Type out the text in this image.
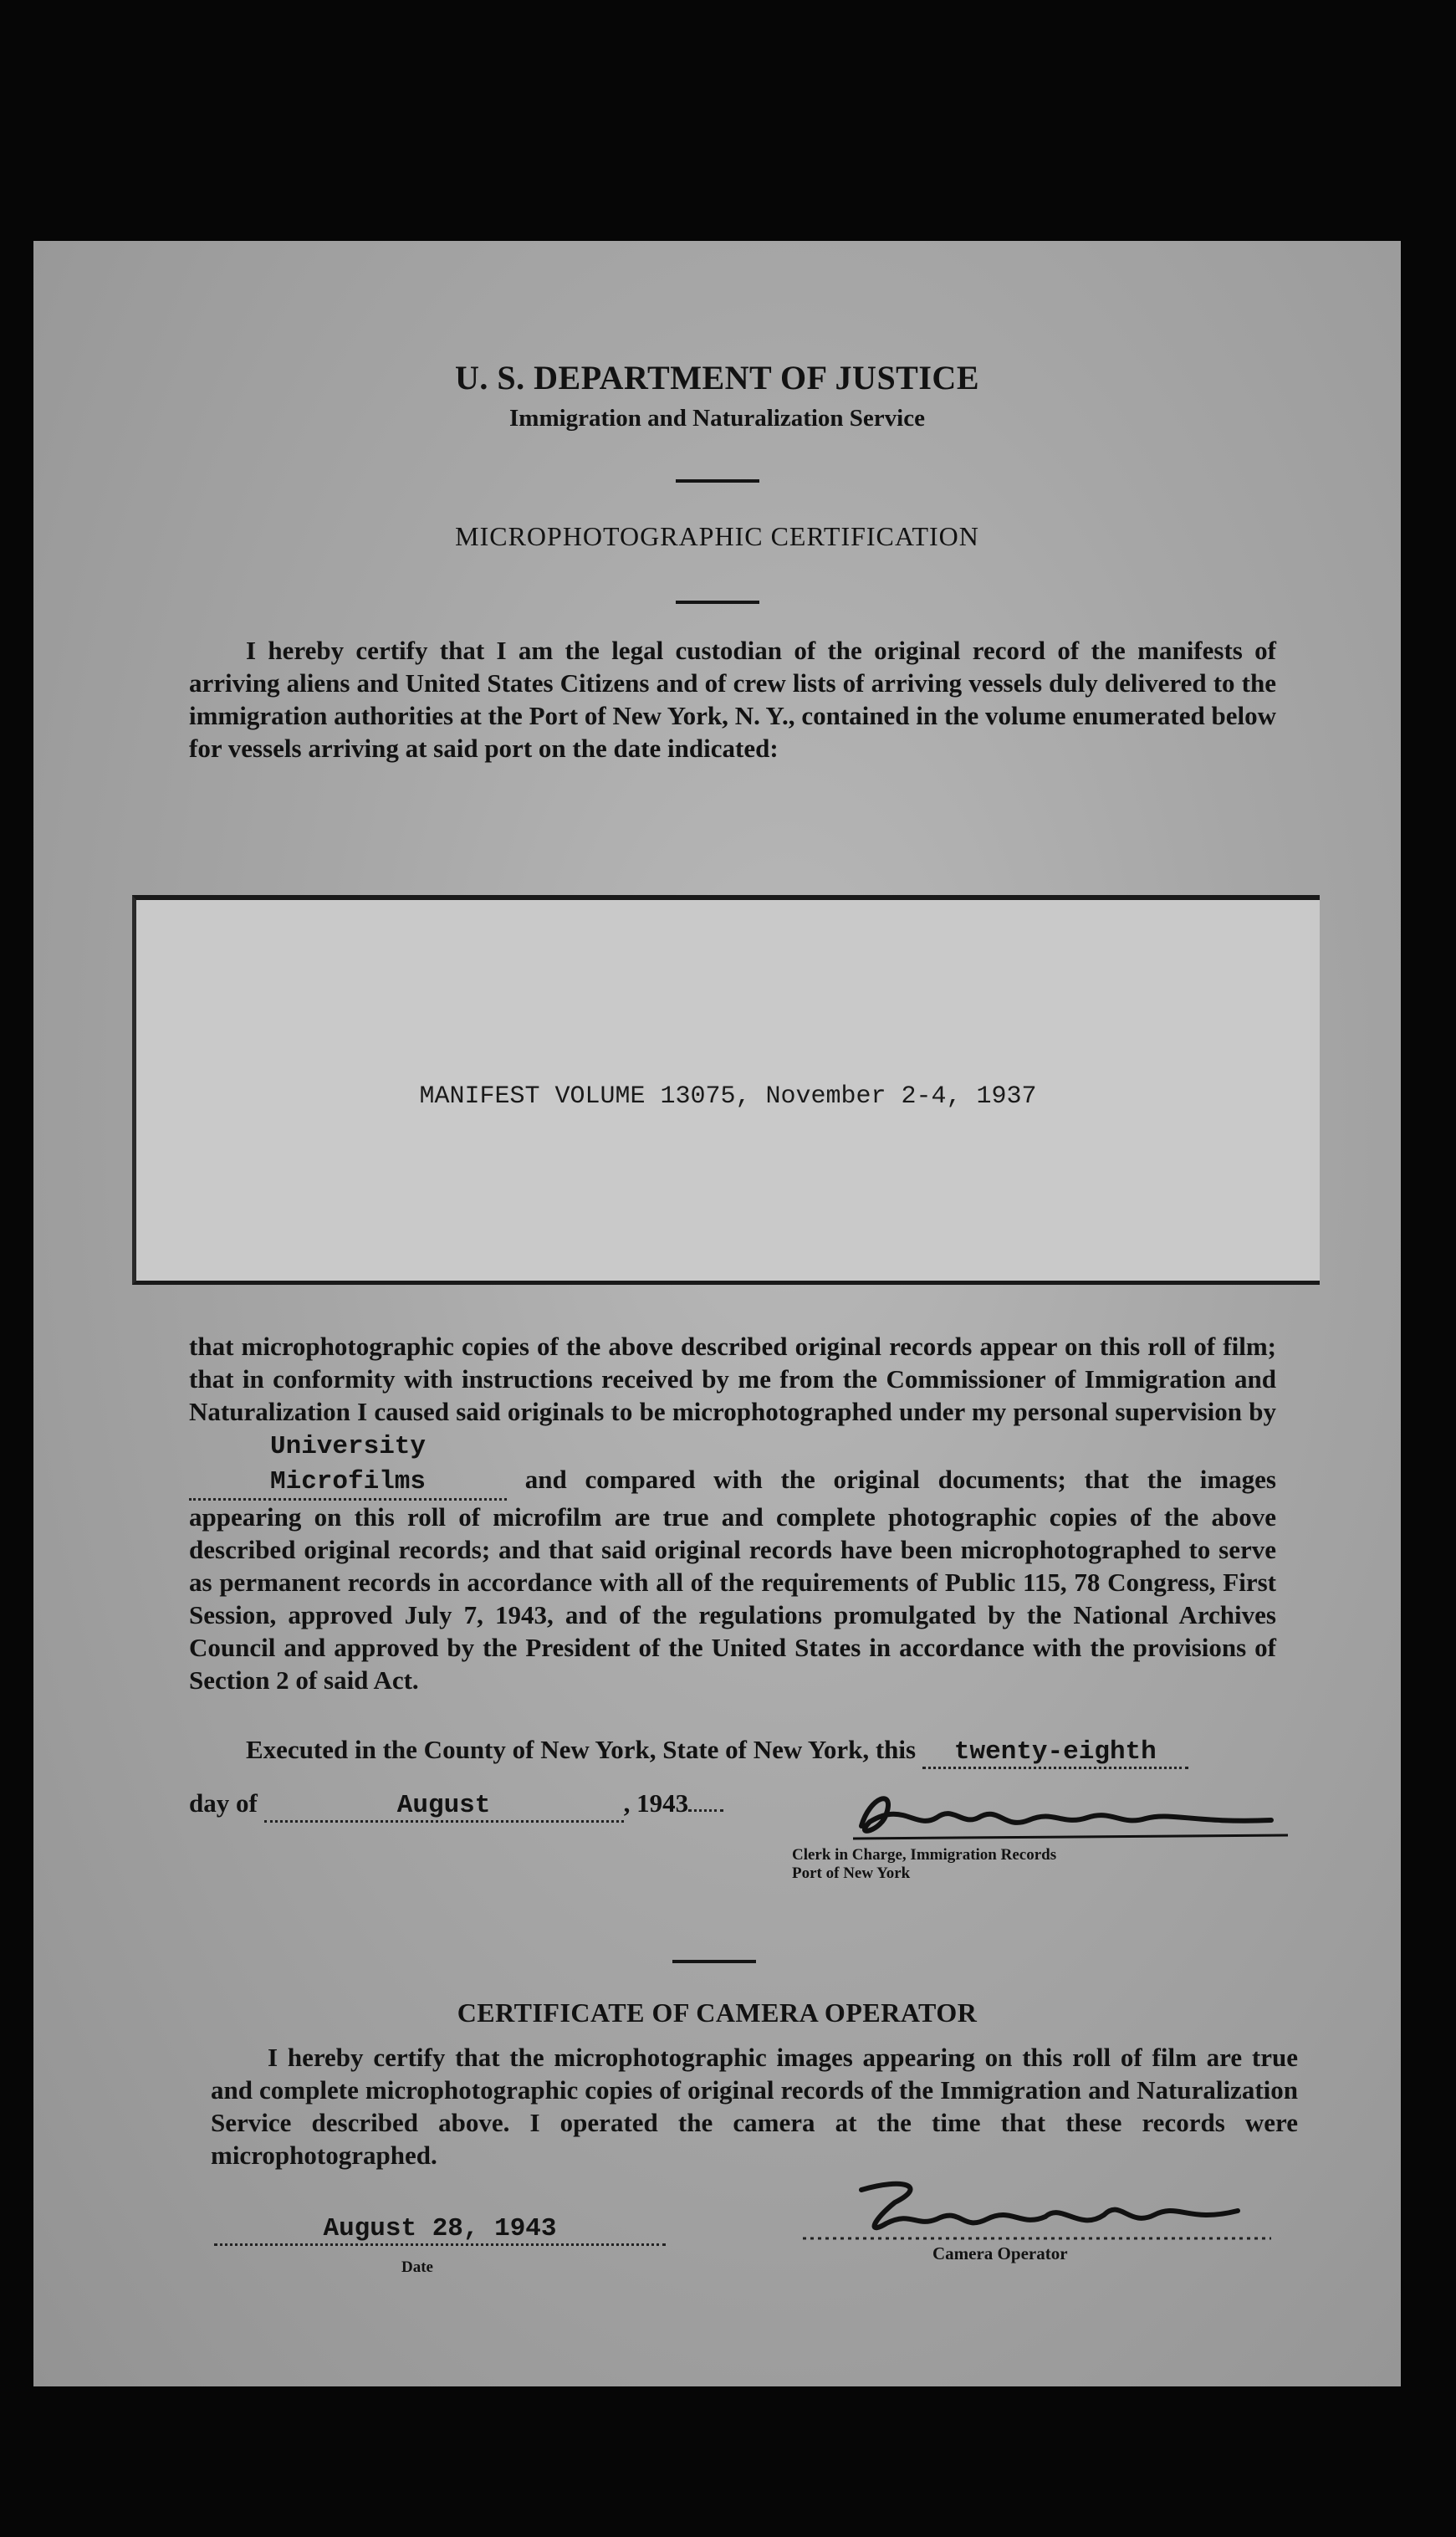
U. S. DEPARTMENT OF JUSTICE
Immigration and Naturalization Service
MICROPHOTOGRAPHIC CERTIFICATION

I hereby certify that I am the legal custodian of the original record of the manifests of arriving aliens and United States Citizens and of crew lists of arriving vessels duly delivered to the immigration authorities at the Port of New York, N. Y., contained in the volume enumerated below for vessels arriving at said port on the date indicated:

MANIFEST VOLUME 13075, November 2-4, 1937

that microphotographic copies of the above described original records appear on this roll of film; that in conformity with instructions received by me from the Commissioner of Immigration and Naturalization I caused said originals to be microphotographed under my personal supervision by University Microfilms	and compared with the original documents; that the images appearing on this roll of microfilm are true and complete photographic copies of the above described original records; and that said original records have been microphotographed to serve as permanent records in accordance with all of the requirements of Public 115, 78 Congress, First Session, approved July 7, 1943, and of the regulations promulgated by the National Archives Council and approved by the President of the United States in accordance with the provisions of Section 2 of said Act.

Executed in the County of New York, State of New York, this twenty-eighth
day of	August	, 1943
Clerk in Charge, Immigration Records
Port of New York
CERTIFICATE OF CAMERA OPERATOR

I hereby certify that the microphotographic images appearing on this roll of film are true and complete microphotographic copies of original records of the Immigration and Naturalization Service described above. I operated the camera at the time that these records were microphotographed.

August 28, 1943
Date
Camera Operator
